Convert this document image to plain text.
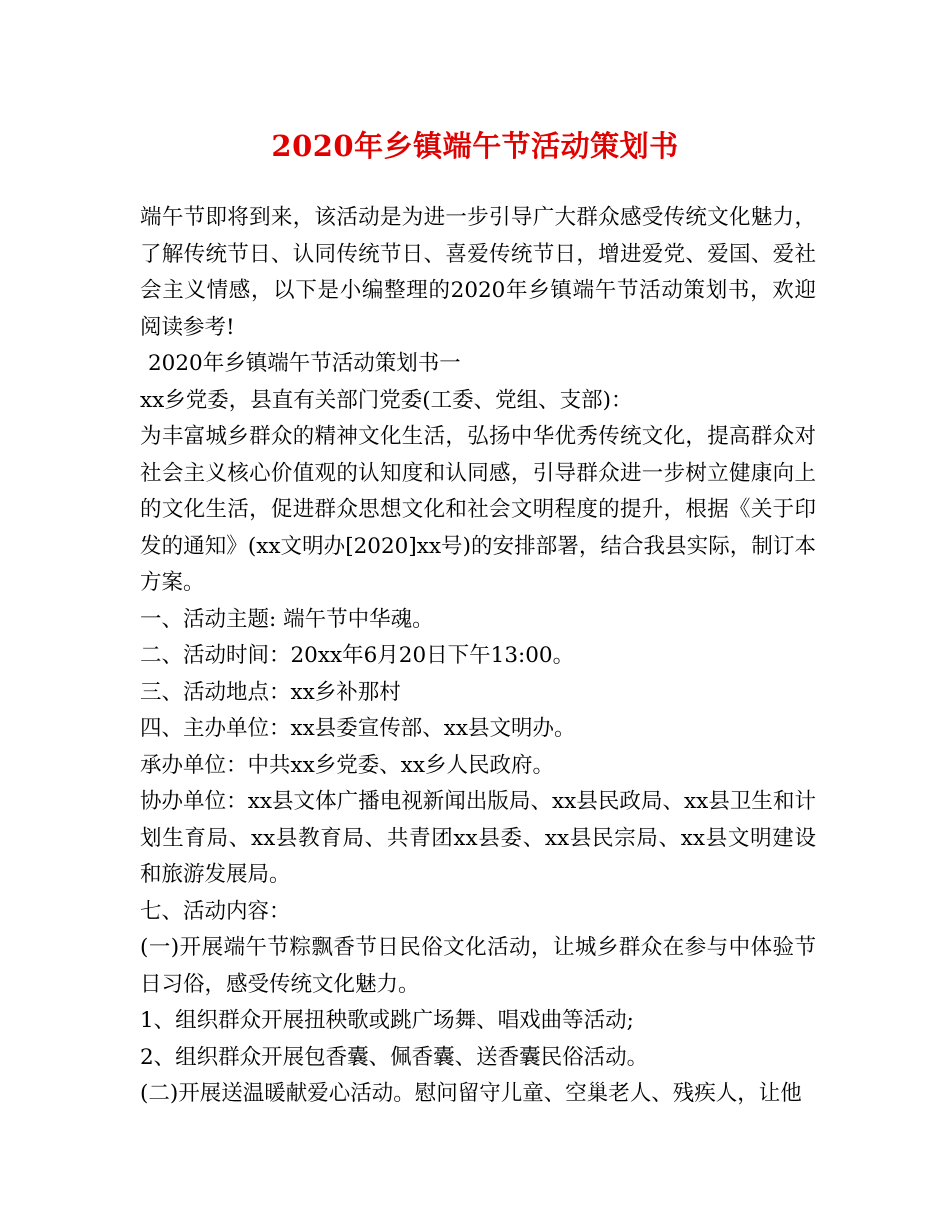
2020年乡镇端午节活动策划书

端午节即将到来，该活动是为进一步引导广大群众感受传统文化魅力，了解传统节日、认同传统节日、喜爱传统节日，增进爱党、爱国、爱社会主义情感，以下是小编整理的2020年乡镇端午节活动策划书，欢迎阅读参考!

2020年乡镇端午节活动策划书一

xx乡党委，县直有关部门党委(工委、党组、支部)：

为丰富城乡群众的精神文化生活，弘扬中华优秀传统文化，提高群众对社会主义核心价值观的认知度和认同感，引导群众进一步树立健康向上的文化生活，促进群众思想文化和社会文明程度的提升，根据《关于印发的通知》(xx文明办[2020]xx号)的安排部署，结合我县实际，制订本方案。

一、活动主题: 端午节中华魂。

二、活动时间：20xx年6月20日下午13:00。

三、活动地点：xx乡补那村

四、主办单位：xx县委宣传部、xx县文明办。

承办单位：中共xx乡党委、xx乡人民政府。

协办单位：xx县文体广播电视新闻出版局、xx县民政局、xx县卫生和计划生育局、xx县教育局、共青团xx县委、xx县民宗局、xx县文明建设和旅游发展局。

七、活动内容：

(一)开展端午节粽飘香节日民俗文化活动，让城乡群众在参与中体验节日习俗，感受传统文化魅力。

1、组织群众开展扭秧歌或跳广场舞、唱戏曲等活动;

2、组织群众开展包香囊、佩香囊、送香囊民俗活动。

(二)开展送温暖献爱心活动。慰问留守儿童、空巢老人、残疾人，让他
